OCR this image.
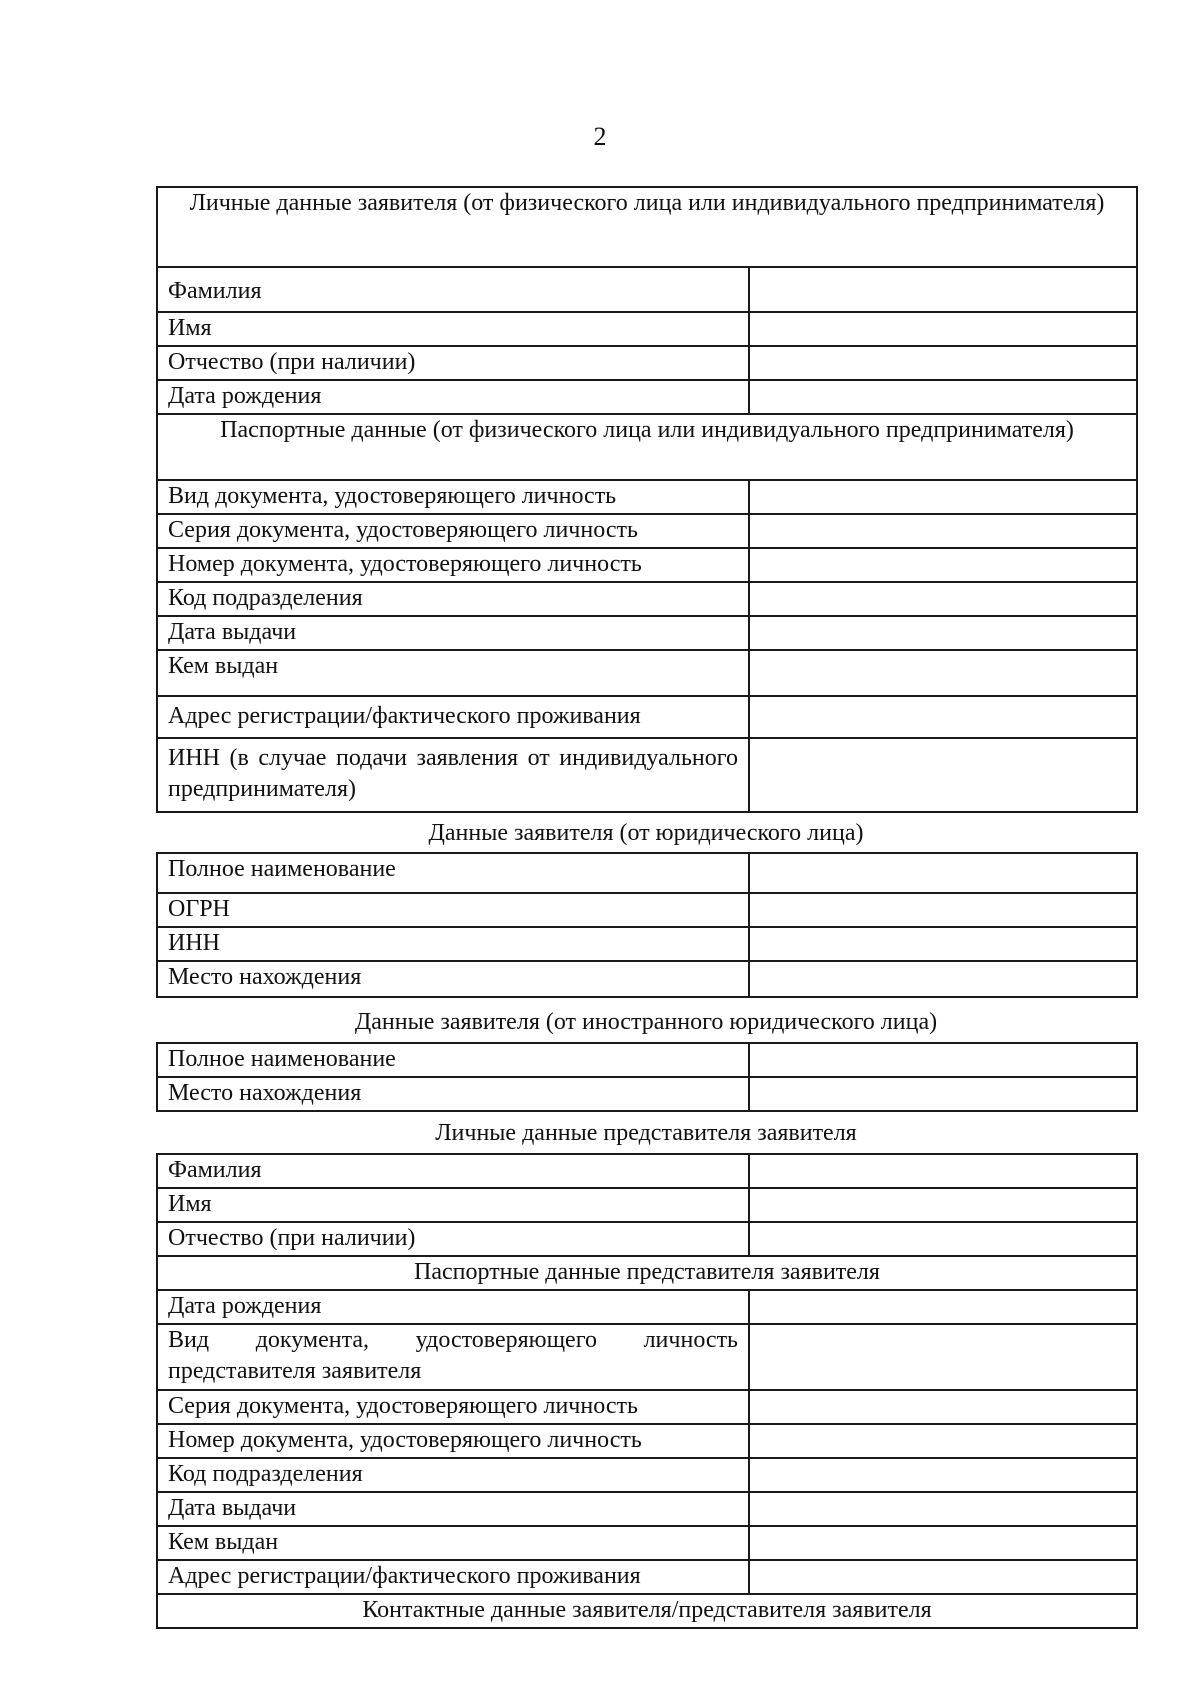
2
Личные данные заявителя (от физического лица или индивидуального предпринимателя)	
Фамилия	
Имя	
Отчество (при наличии)	
Дата рождения	
Паспортные данные (от физического лица или индивидуального предпринимателя)	
Вид документа, удостоверяющего личность	
Серия документа, удостоверяющего личность	
Номер документа, удостоверяющего личность	
Код подразделения	
Дата выдачи	
Кем выдан	
Адрес регистрации/фактического проживания	
ИНН (в случае подачи заявления от индивидуального предпринимателя)	
Данные заявителя (от юридического лица)
Полное наименование	
ОГРН	
ИНН	
Место нахождения	
Данные заявителя (от иностранного юридического лица)
Полное наименование	
Место нахождения	
Личные данные представителя заявителя
Фамилия	
Имя	
Отчество (при наличии)	
Паспортные данные представителя заявителя	
Дата рождения	
Вид документа, удостоверяющего личность представителя заявителя	
Серия документа, удостоверяющего личность	
Номер документа, удостоверяющего личность	
Код подразделения	
Дата выдачи	
Кем выдан	
Адрес регистрации/фактического проживания	
Контактные данные заявителя/представителя заявителя	
